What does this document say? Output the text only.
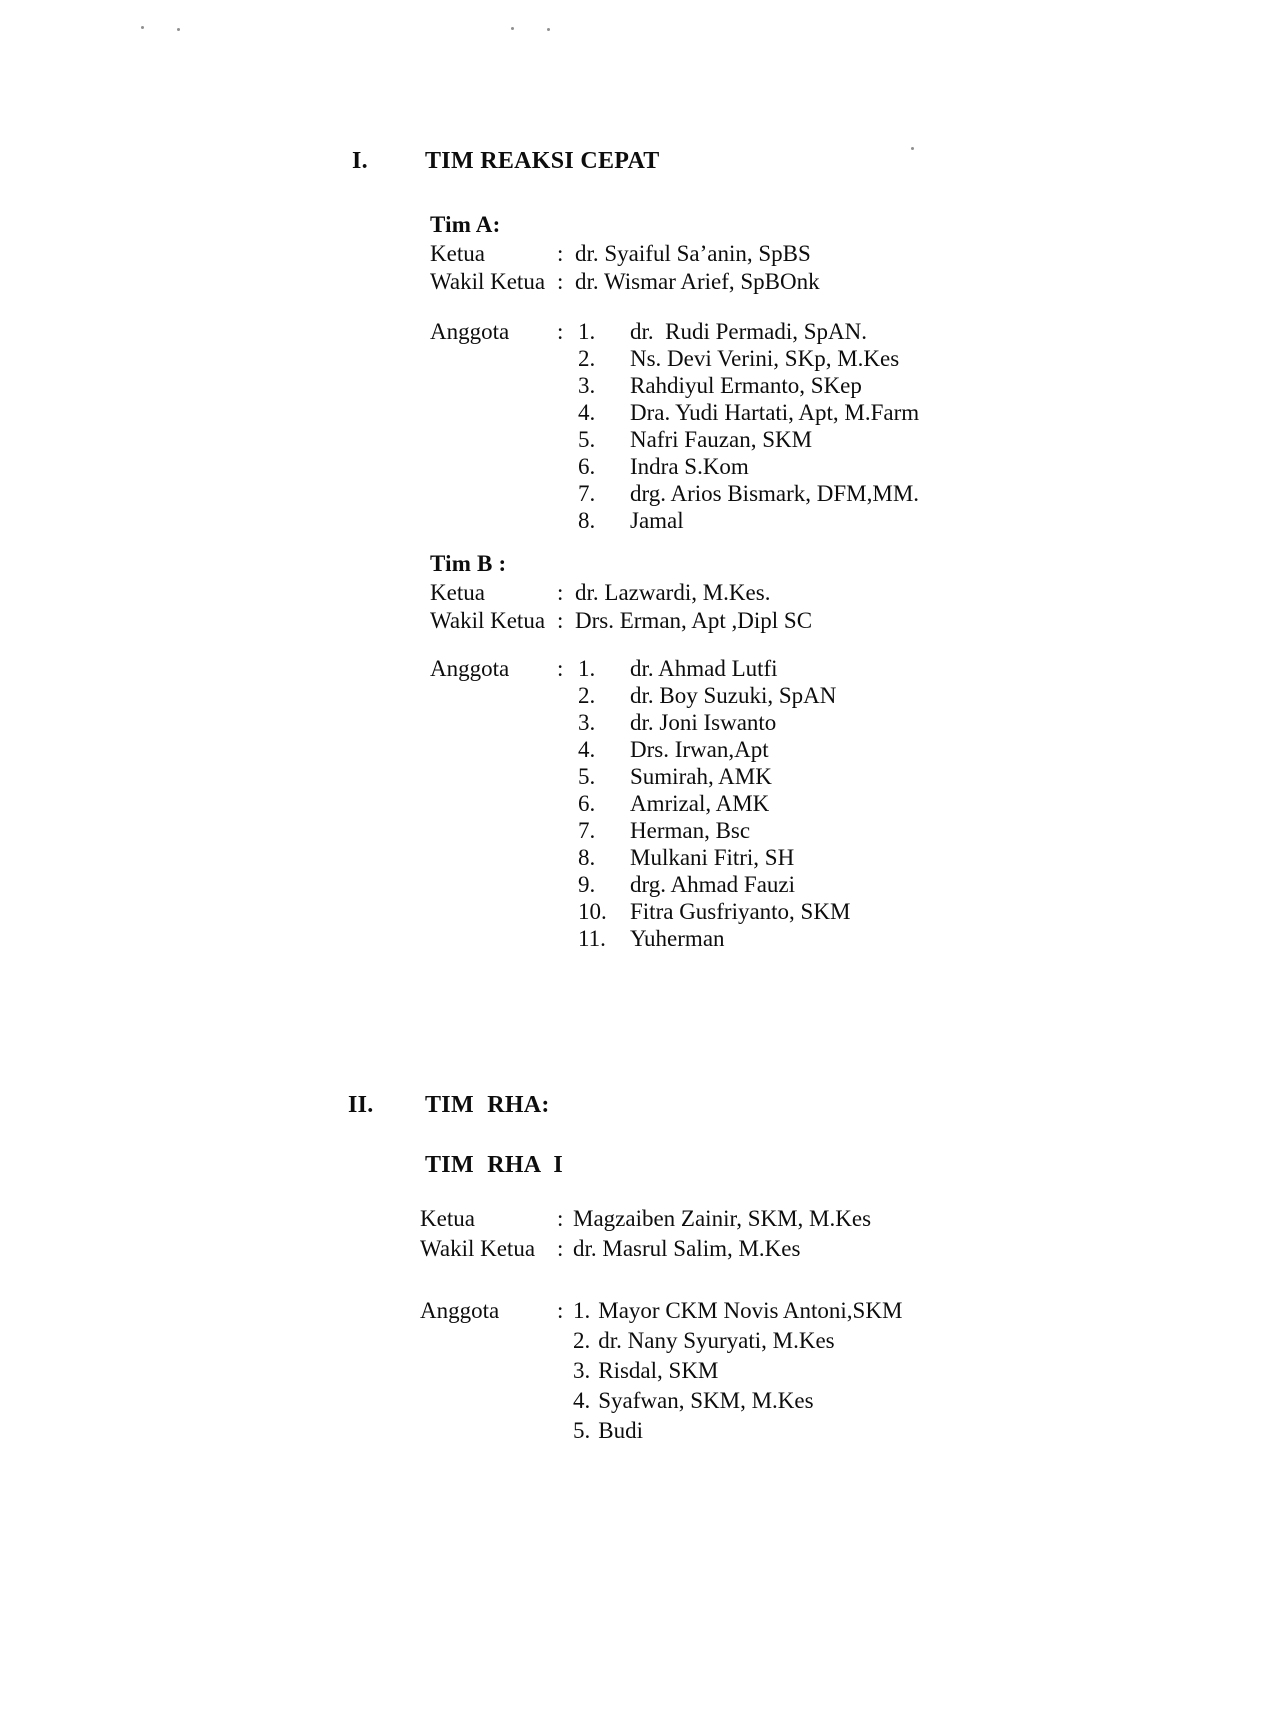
I.	TIM REAKSI CEPAT
Tim A:
Ketua	: dr. Syaiful Sa’anin, SpBS
Wakil Ketua : dr. Wismar Arief, SpBOnk
Anggota	: 1.	dr.  Rudi Permadi, SpAN.
2.	Ns. Devi Verini, SKp, M.Kes
3.	Rahdiyul Ermanto, SKep
4.	Dra. Yudi Hartati, Apt, M.Farm
5.	Nafri Fauzan, SKM
6.	Indra S.Kom
7.	drg. Arios Bismark, DFM,MM.
8.	Jamal
Tim B :
Ketua	: dr. Lazwardi, M.Kes.
Wakil Ketua : Drs. Erman, Apt ,Dipl SC
Anggota	: 1.	dr. Ahmad Lutfi
2.	dr. Boy Suzuki, SpAN
3.	dr. Joni Iswanto
4.	Drs. Irwan,Apt
5.	Sumirah, AMK
6.	Amrizal, AMK
7.	Herman, Bsc
8.	Mulkani Fitri, SH
9.	drg. Ahmad Fauzi
10.	Fitra Gusfriyanto, SKM
11.	Yuherman
II.	TIM RHA:
TIM RHA I
Ketua	: Magzaiben Zainir, SKM, M.Kes
Wakil Ketua : dr. Masrul Salim, M.Kes
Anggota	: 1. Mayor CKM Novis Antoni,SKM
2. dr. Nany Syuryati, M.Kes
3. Risdal, SKM
4. Syafwan, SKM, M.Kes
5. Budi
